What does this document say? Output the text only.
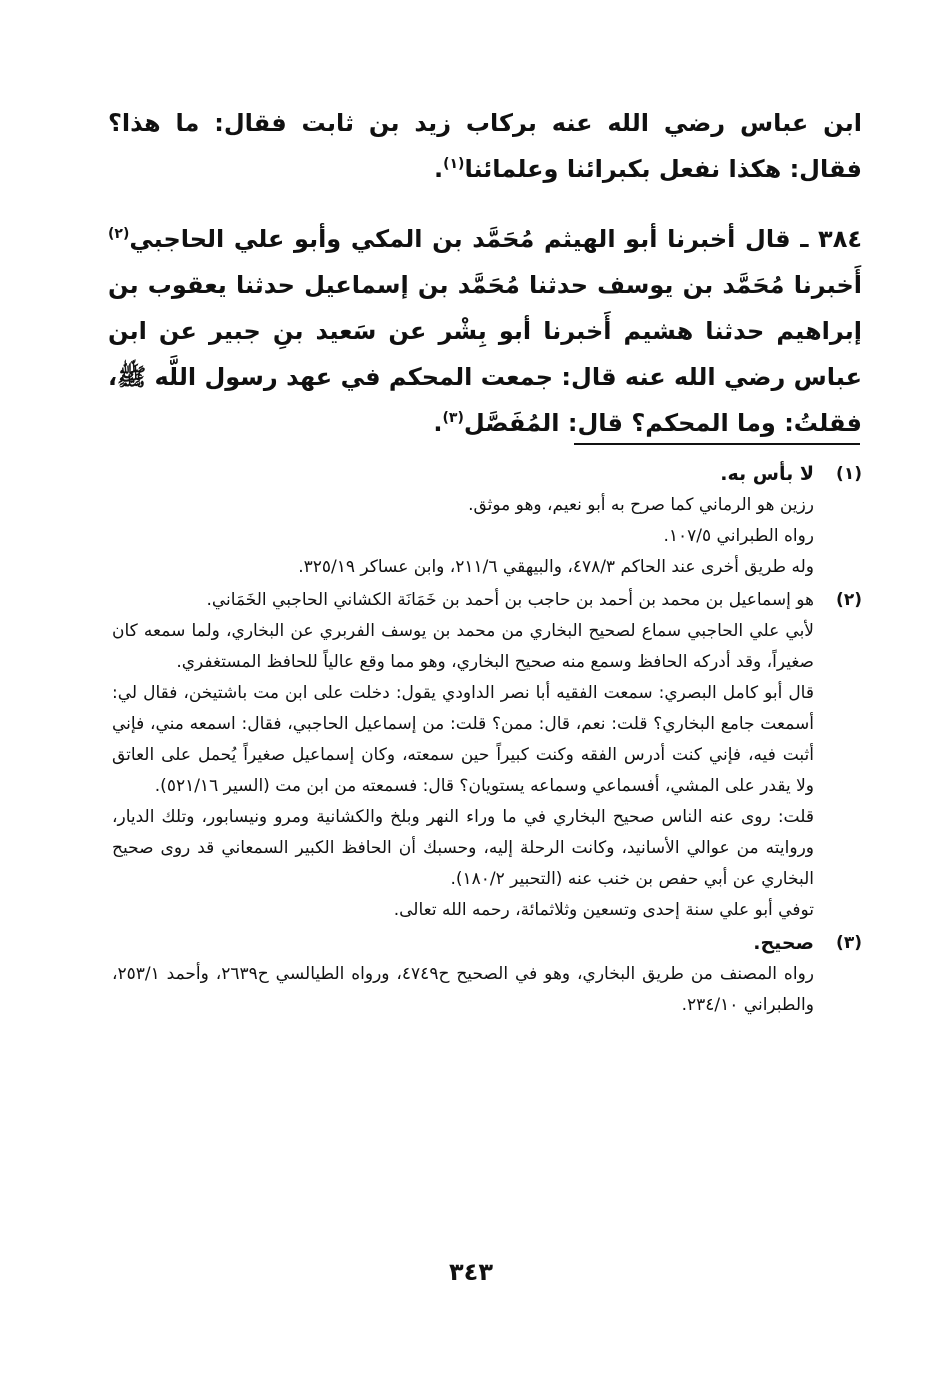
ابن عباس رضي الله عنه بركاب زيد بن ثابت فقال: ما هذا؟ فقال: هكذا نفعل بكبرائنا وعلمائنا$^{(١)}$.

٣٨٤ ـ قال أخبرنا أبو الهيثم مُحَمَّد بن المكي وأبو علي الحاجبي$^{(٢)}$ أَخبرنا مُحَمَّد بن يوسف حدثنا مُحَمَّد بن إسماعيل حدثنا يعقوب بن إبراهيم حدثنا هشيم أَخبرنا أبو بِشْر عن سَعيد بنِ جبير عن ابن عباس رضي الله عنه قال: جمعت المحكم في عهد رسول اللَّه ﷺ، فقلتُ: وما المحكم؟ قال: المُفَصَّل$^{(٣)}$.

(١)

لا بأس به.

رزين هو الرماني كما صرح به أبو نعيم، وهو موثق.

رواه الطبراني ١٠٧/٥.

وله طريق أخرى عند الحاكم ٤٧٨/٣، والبيهقي ٢١١/٦، وابن عساكر ٣٢٥/١٩.

(٢)

هو إسماعيل بن محمد بن أحمد بن حاجب بن أحمد بن خَمَانَة الكشاني الحاجبي الخَمَاني.

لأبي علي الحاجبي سماع لصحيح البخاري من محمد بن يوسف الفربري عن البخاري، ولما سمعه كان صغيراً، وقد أدركه الحافظ وسمع منه صحيح البخاري، وهو مما وقع عالياً للحافظ المستغفري.

قال أبو كامل البصري: سمعت الفقيه أبا نصر الداودي يقول: دخلت على ابن مت باشتيخن، فقال لي: أسمعت جامع البخاري؟ قلت: نعم، قال: ممن؟ قلت: من إسماعيل الحاجبي، فقال: اسمعه مني، فإني أثبت فيه، فإني كنت أدرس الفقه وكنت كبيراً حين سمعته، وكان إسماعيل صغيراً يُحمل على العاتق ولا يقدر على المشي، أفسماعي وسماعه يستويان؟ قال: فسمعته من ابن مت (السير ٥٢١/١٦).

قلت: روى عنه الناس صحيح البخاري في ما وراء النهر وبلخ والكشانية ومرو ونيسابور، وتلك الديار، وروايته من عوالي الأسانيد، وكانت الرحلة إليه، وحسبك أن الحافظ الكبير السمعاني قد روى صحيح البخاري عن أبي حفص بن خنب عنه (التحبير ١٨٠/٢).

توفي أبو علي سنة إحدى وتسعين وثلاثمائة، رحمه الله تعالى.

(٣)

صحيح.

رواه المصنف من طريق البخاري، وهو في الصحيح ح٤٧٤٩، ورواه الطيالسي ح٢٦٣٩، وأحمد ٢٥٣/١، والطبراني ٢٣٤/١٠.

٣٤٣
